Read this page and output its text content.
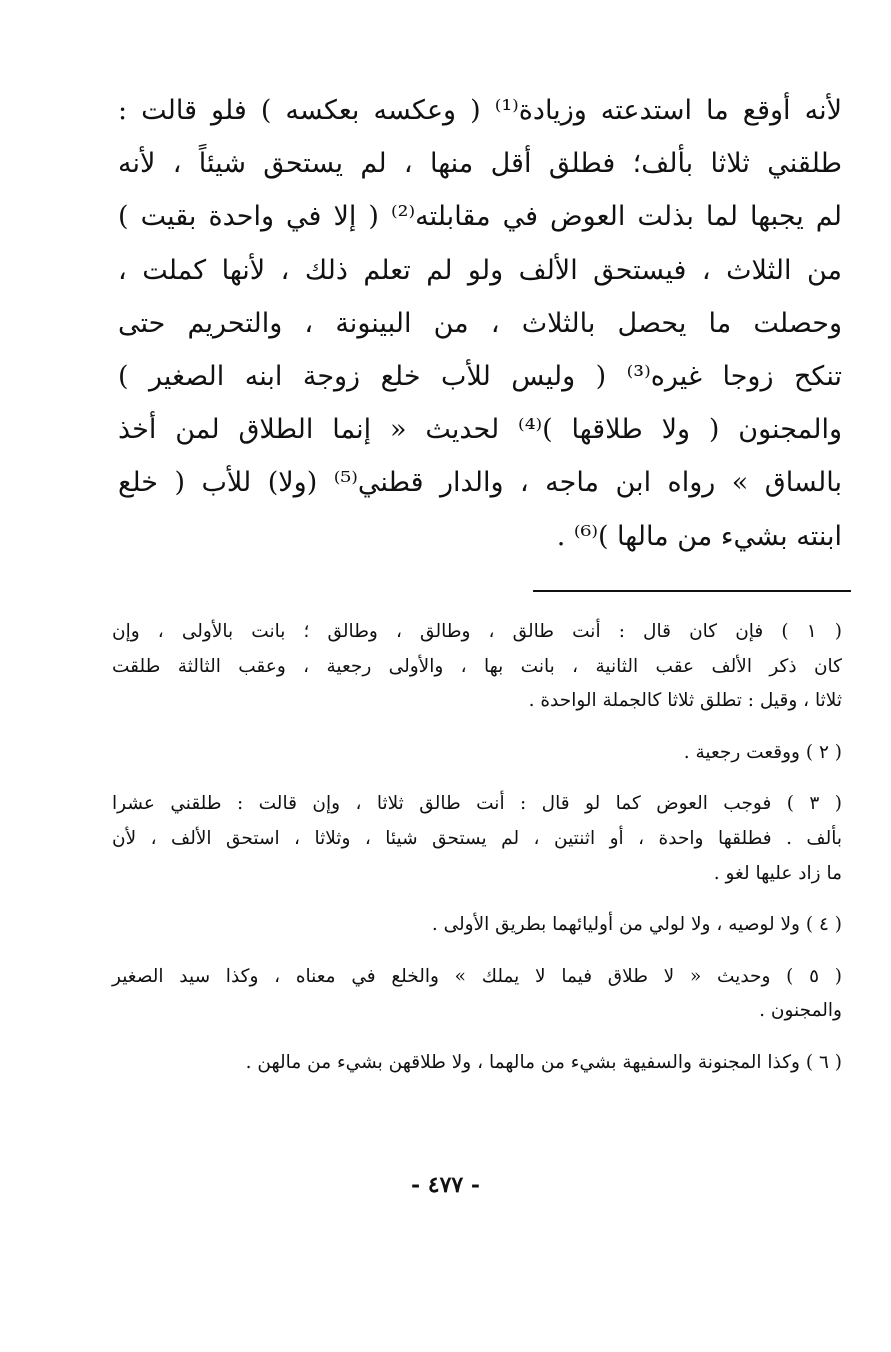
لأنه أوقع ما استدعته وزيادة⁽¹⁾ ( وعكسه بعكسه ) فلو قالت :
طلقني ثلاثا بألف؛ فطلق أقل منها ، لم يستحق شيئاً ، لأنه
لم يجبها لما بذلت العوض في مقابلته⁽²⁾ ( إلا في واحدة بقيت )
من الثلاث ، فيستحق الألف ولو لم تعلم ذلك ، لأنها كملت ،
وحصلت ما يحصل بالثلاث ، من البينونة ، والتحريم حتى
تنكح زوجا غيره⁽³⁾ ( وليس للأب خلع زوجة ابنه الصغير )
والمجنون ( ولا طلاقها )⁽⁴⁾ لحديث « إنما الطلاق لمن أخذ
بالساق » رواه ابن ماجه ، والدار قطني⁽⁵⁾ (ولا) للأب ( خلع
ابنته بشيء من مالها )⁽⁶⁾ .
( ١ ) فإن كان قال : أنت طالق ، وطالق ، وطالق ؛ بانت بالأولى ، وإن
كان ذكر الألف عقب الثانية ، بانت بها ، والأولى رجعية ، وعقب الثالثة طلقت
ثلاثا ، وقيل : تطلق ثلاثا كالجملة الواحدة .
( ٢ ) ووقعت رجعية .
( ٣ ) فوجب العوض كما لو قال : أنت طالق ثلاثا ، وإن قالت : طلقني عشرا
بألف . فطلقها واحدة ، أو اثنتين ، لم يستحق شيئا ، وثلاثا ، استحق الألف ، لأن
ما زاد عليها لغو .
( ٤ ) ولا لوصيه ، ولا لولي من أوليائهما بطريق الأولى .
( ٥ ) وحديث « لا طلاق فيما لا يملك » والخلع في معناه ، وكذا سيد الصغير
والمجنون .
( ٦ ) وكذا المجنونة والسفيهة بشيء من مالهما ، ولا طلاقهن بشيء من مالهن .
- ٤٧٧ -
